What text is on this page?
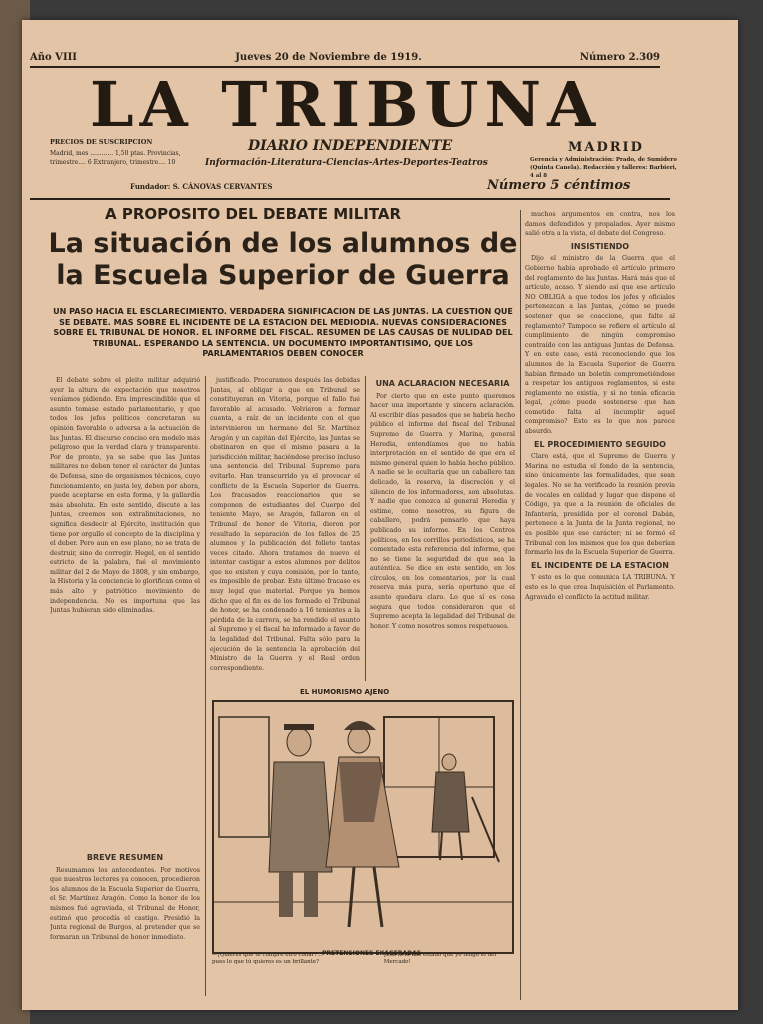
Año VIII	Jueves 20 de Noviembre de 1919.	Número 2.309
LA TRIBUNA
DIARIO INDEPENDIENTE
Información-Literatura-Ciencias-Artes-Deportes-Teatros
PRECIOS DE SUSCRIPCION
Madrid, mes ............ 1,50 ptas. Provincias, trimestre.... 6 Extranjero, trimestre.... 10
MADRID
Gerencia y Administración: Prado, de Sumidero (Quinta Canela). Redacción y talleres: Barbieri, 4 al 8
Fundador: S. CÁNOVAS CERVANTES	Número 5 céntimos
A PROPOSITO DEL DEBATE MILITAR
La situación de los alumnos de la Escuela Superior de Guerra
UN PASO HACIA EL ESCLARECIMIENTO. VERDADERA SIGNIFICACION DE LAS JUNTAS. LA CUESTION QUE SE DEBATE. MAS SOBRE EL INCIDENTE DE LA ESTACION DEL MEDIODIA. NUEVAS CONSIDERACIONES SOBRE EL TRIBUNAL DE HONOR. EL INFORME DEL FISCAL. RESUMEN DE LAS CAUSAS DE NULIDAD DEL TRIBUNAL. ESPERANDO LA SENTENCIA. UN DOCUMENTO IMPORTANTISIMO, QUE LOS PARLAMENTARIOS DEBEN CONOCER

El debate sobre el pleito militar adquirió ayer la altura de expectación que nosotros veníamos pidiendo. Era imprescindible que el asunto tomase estado parlamentario, y que todos los jefes políticos concretaran su opinión favorable o adversa a la actuación de las Juntas. El discurso conciso era modelo más peligroso que la verdad clara y transparente. Por de pronto, ya se sabe que las Juntas militares no deben tener el carácter de Juntas de Defensa, sino de organismos técnicos, cuyo funcionamiento, en justa ley, deben por ahora, puede aceptarse en esta forma, y la gallardía más absoluta. En este sentido, discute a las Juntas, creemos son extralimitaciones, no significa desdecir al Ejército, institución que tiene por orgullo el concepto de la disciplina y el deber. Pero aun en ese plano, no se trata de destruir, sino de corregir. Hegel, en el sentido estricto de la palabra, fué el movimiento militar del 2 de Mayo de 1808, y sin embargo, la Historia y la conciencia lo glorifican como el más alto y patriótico movimiento de independencia. No es importuna que las Juntas hubieran sido eliminadas.

BREVE RESUMEN

Resumamos los antecedentes. Por motivos que nuestros lectores ya conocen, procedieron los alumnos de la Escuela Superior de Guerra, el Sr. Martínez Aragón. Como la honor de los mismos fué agraviada, el Tribunal de Honor, estimó que procedía el castigo. Presidió la Junta regional de Burgos, al pretender que se formaran un Tribunal de honor inmediato.

justificado. Procuramos después las debidas Juntas, al obligar a que en Tribunal se constituyeran en Vitoria, porque el fallo fué favorable al acusado. Volvieron a formar cuenta, a raíz de un incidente con el que intervinieron un hermano del Sr. Martínez Aragón y un capitán del Ejército, las Juntas se obstinaron en que el mismo pasara a la jurisdicción militar, haciéndose preciso incluso una sentencia del Tribunal Supremo para evitarlo. Han transcurrido ya el provocar el conflicto de la Escuela Superior de Guerra. Los fracasados reaccionarios que se componen de estudiantes del Cuerpo del teniente Mayo, se Aragón, fallaron en el Tribunal de honor de Vitoria, dieron por resultado la separación de los fallos de 25 alumnos y la publicación del folleto tantas veces citado. Ahora tratamos de nuevo el intentar castigar a estos alumnos por delitos que no existen y cuya comisión, por lo tanto, es imposible de probar. Este último fracaso es muy legal que material. Porque ya hemos dicho que el fin es de los formado el Tribunal de honor, se ha condenado a 16 tenientes a la pérdida de la carrera, se ha rendido el asunto al Supremo y el fiscal ha informado a favor de la legalidad del Tribunal. Falta sólo para la ejecución de la sentencia la aprobación del Ministro de la Guerra y el Real orden correspondiente.

UNA ACLARACION NECESARIA

Por cierto que en este punto queremos hacer una importante y sincera aclaración. Al escribir días pasados que se habría hecho público el informe del fiscal del Tribunal Supremo de Guerra y Marina, general Heredia, entendíamos que no había interpretación en el sentido de que era el mismo general quien lo había hecho público. A nadie se le ocultaría que un caballero tan delicado, la reserva, la discreción y el silencio de los informadores, son absolutas. Y nadie que conozca al general Heredia y estime, como nosotros, su figura de caballero, podrá pensarlo que haya publicado su informe. En los Centros políticos, en los corrillos periodísticos, se ha comentado esta referencia del informe, que no se tiene la seguridad de que sea la auténtica. Se dice en este sentido, en los círculos, en los comentarios, por la cual reserva más pura, sería oportuno que el asunto quedara claro. Lo que sí es cosa segura que todos consideraron que el Supremo acepta la legalidad del Tribunal de honor. Y como nosotros somos respetuosos.

muchos argumentos en contra, nos los damos defendidos y propalados. Ayer mismo salió otra a la vista, el debate del Congreso.

INSISTIENDO

Dijo el ministro de la Guerra que el Gobierno había aprobado el artículo primero del reglamento de las Juntas. Hará más que el artículo, acaso. Y siendo así que ese artículo NO OBLIGA a que todos los jefes y oficiales pertenezcan a las Juntas, ¿cómo se puede sostener que se coaccione, que falte al reglamento? Tampoco se refiere el artículo al cumplimiento de ningún compromiso contraído con las antiguas Juntas de Defensa. Y en este caso, está reconociendo que los alumnos de la Escuela Superior de Guerra habían firmado un boletín comprometiéndose a respetar los antiguos reglamentos, si este reglamento no existía, y si no tenía eficacia legal, ¿cómo puede sostenerse que han cometido falta al incumplir aquel compromiso? Esto es lo que nos parece absurdo.

EL PROCEDIMIENTO SEGUIDO

Claro está, que el Supremo de Guerra y Marina no estudia el fondo de la sentencia, sino únicamente las formalidades, que sean legales. No se ha verificado la reunión previa de vocales en calidad y lugar que dispone el Código, ya que a la reunión de oficiales de Infantería, presidida por el coronel Dabán, pertenece a la Junta de la Junta regional, no es posible que ese carácter; ni se formó el Tribunal con los mismos que los que deberían formarlo los de la Escuela Superior de Guerra.

EL INCIDENTE DE LA ESTACION

Y esto es lo que comunica LA TRIBUNA. Y esto es lo que crea Inquisición el Parlamento. Agravado el conflicto la actitud militar.

EL HUMORISMO AJENO
PRETENSIONES EXAGERADAS
—¡Quieres que te compre otro collar?... pues lo que tú quieres es un brillante? ¡Eso lo lo has estado que yo tengo el del Mercado!
